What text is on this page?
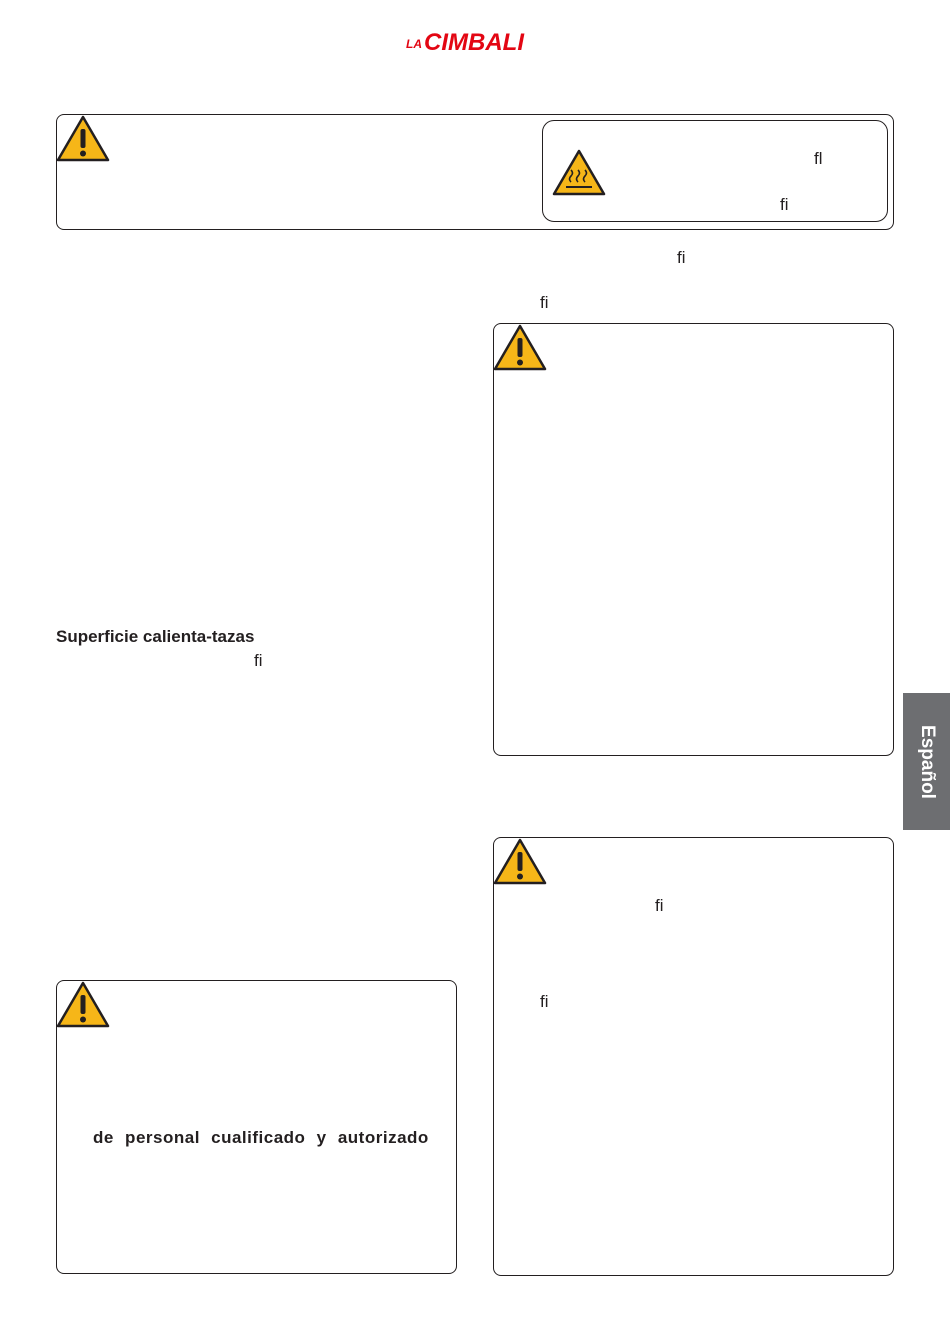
LA CIMBALI
ﬂ
ﬁ
ﬁ
ﬁ
Superficie calienta-tazas
ﬁ
Español
ﬁ
ﬁ
de personal cualificado y autorizado
